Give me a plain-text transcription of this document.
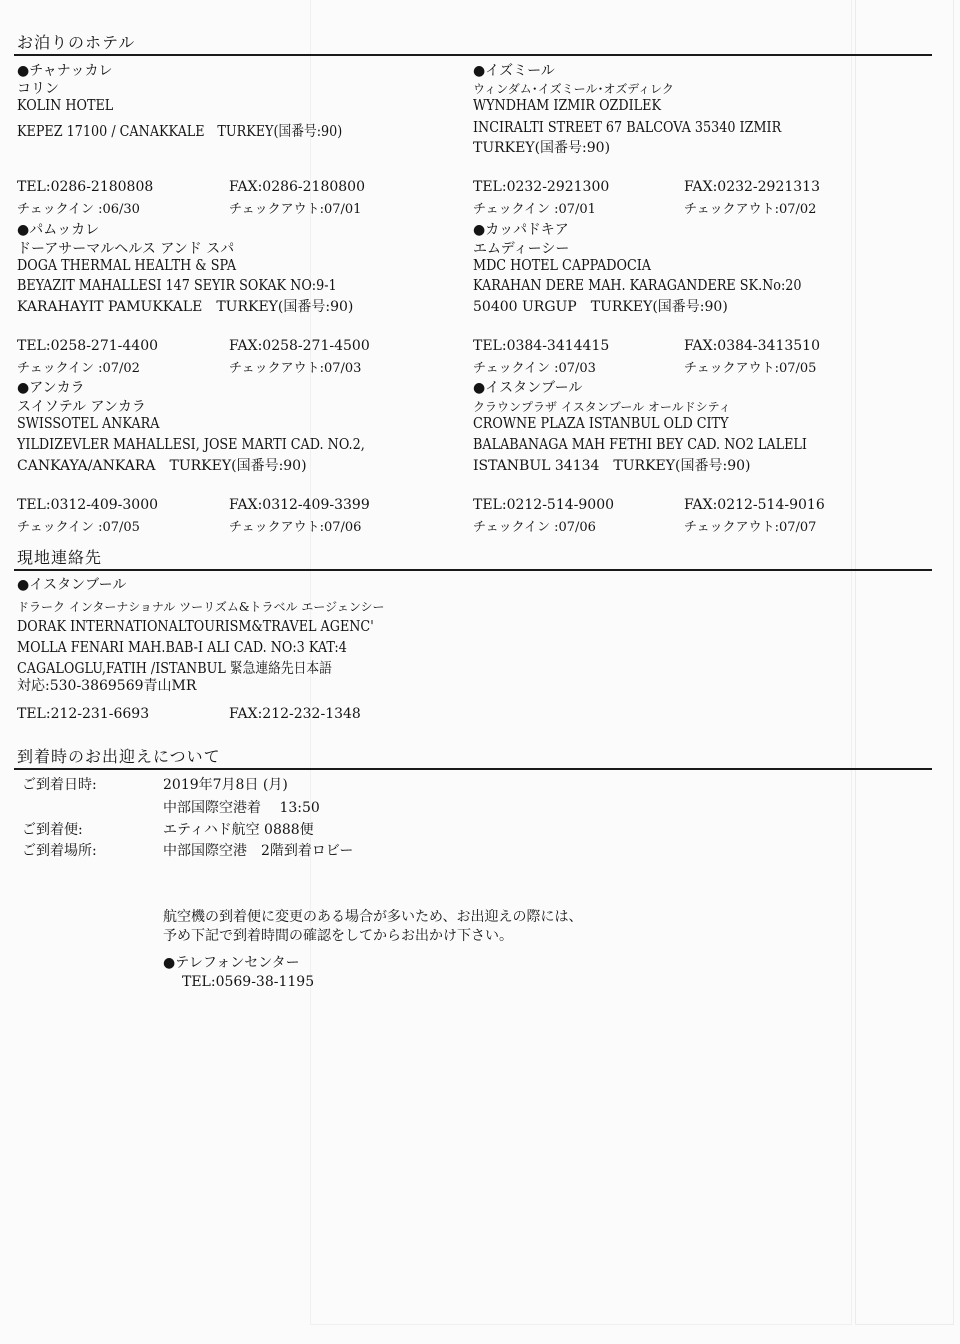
お泊りのホテル
●チャナッカレ
コリン
KOLIN HOTEL
KEPEZ 17100 / CANAKKALE　TURKEY(国番号:90)
TEL:0286-2180808	FAX:0286-2180800
チェックイン :06/30	チェックアウト:07/01
●イズミール
ウィンダム･イズミール･オズディレク
WYNDHAM IZMIR OZDILEK
INCIRALTI STREET 67 BALCOVA 35340 IZMIR
TURKEY(国番号:90)
TEL:0232-2921300	FAX:0232-2921313
チェックイン :07/01	チェックアウト:07/02
●パムッカレ
ドーアサーマルヘルス アンド スパ
DOGA THERMAL HEALTH & SPA
BEYAZIT MAHALLESI 147 SEYIR SOKAK NO:9-1
KARAHAYIT PAMUKKALE　TURKEY(国番号:90)
TEL:0258-271-4400	FAX:0258-271-4500
チェックイン :07/02	チェックアウト:07/03
●カッパドキア
エムディーシー
MDC HOTEL CAPPADOCIA
KARAHAN DERE MAH. KARAGANDERE SK.No:20
50400 URGUP　TURKEY(国番号:90)
TEL:0384-3414415	FAX:0384-3413510
チェックイン :07/03	チェックアウト:07/05
●アンカラ
スイソテル アンカラ
SWISSOTEL ANKARA
YILDIZEVLER MAHALLESI, JOSE MARTI CAD. NO.2,
CANKAYA/ANKARA　TURKEY(国番号:90)
TEL:0312-409-3000	FAX:0312-409-3399
チェックイン :07/05	チェックアウト:07/06
●イスタンブール
クラウンプラザ イスタンブール オールドシティ
CROWNE PLAZA ISTANBUL OLD CITY
BALABANAGA MAH FETHI BEY CAD. NO2 LALELI
ISTANBUL 34134　TURKEY(国番号:90)
TEL:0212-514-9000	FAX:0212-514-9016
チェックイン :07/06	チェックアウト:07/07
現地連絡先
●イスタンブール
ドラーク インターナショナル ツーリズム&トラベル エージェンシー
DORAK INTERNATIONALTOURISM&TRAVEL AGENC'
MOLLA FENARI MAH.BAB-I ALI CAD. NO:3 KAT:4
CAGALOGLU,FATIH /ISTANBUL 緊急連絡先日本語
対応:530-3869569青山MR
TEL:212-231-6693	FAX:212-232-1348
到着時のお出迎えについて
ご到着日時:	2019年7月8日 (月)
中部国際空港着　 13:50
ご到着便:	エティハド航空 0888便
ご到着場所:	中部国際空港　2階到着ロビー
航空機の到着便に変更のある場合が多いため、お出迎えの際には、
予め下記で到着時間の確認をしてからお出かけ下さい。
●テレフォンセンター
TEL:0569-38-1195
